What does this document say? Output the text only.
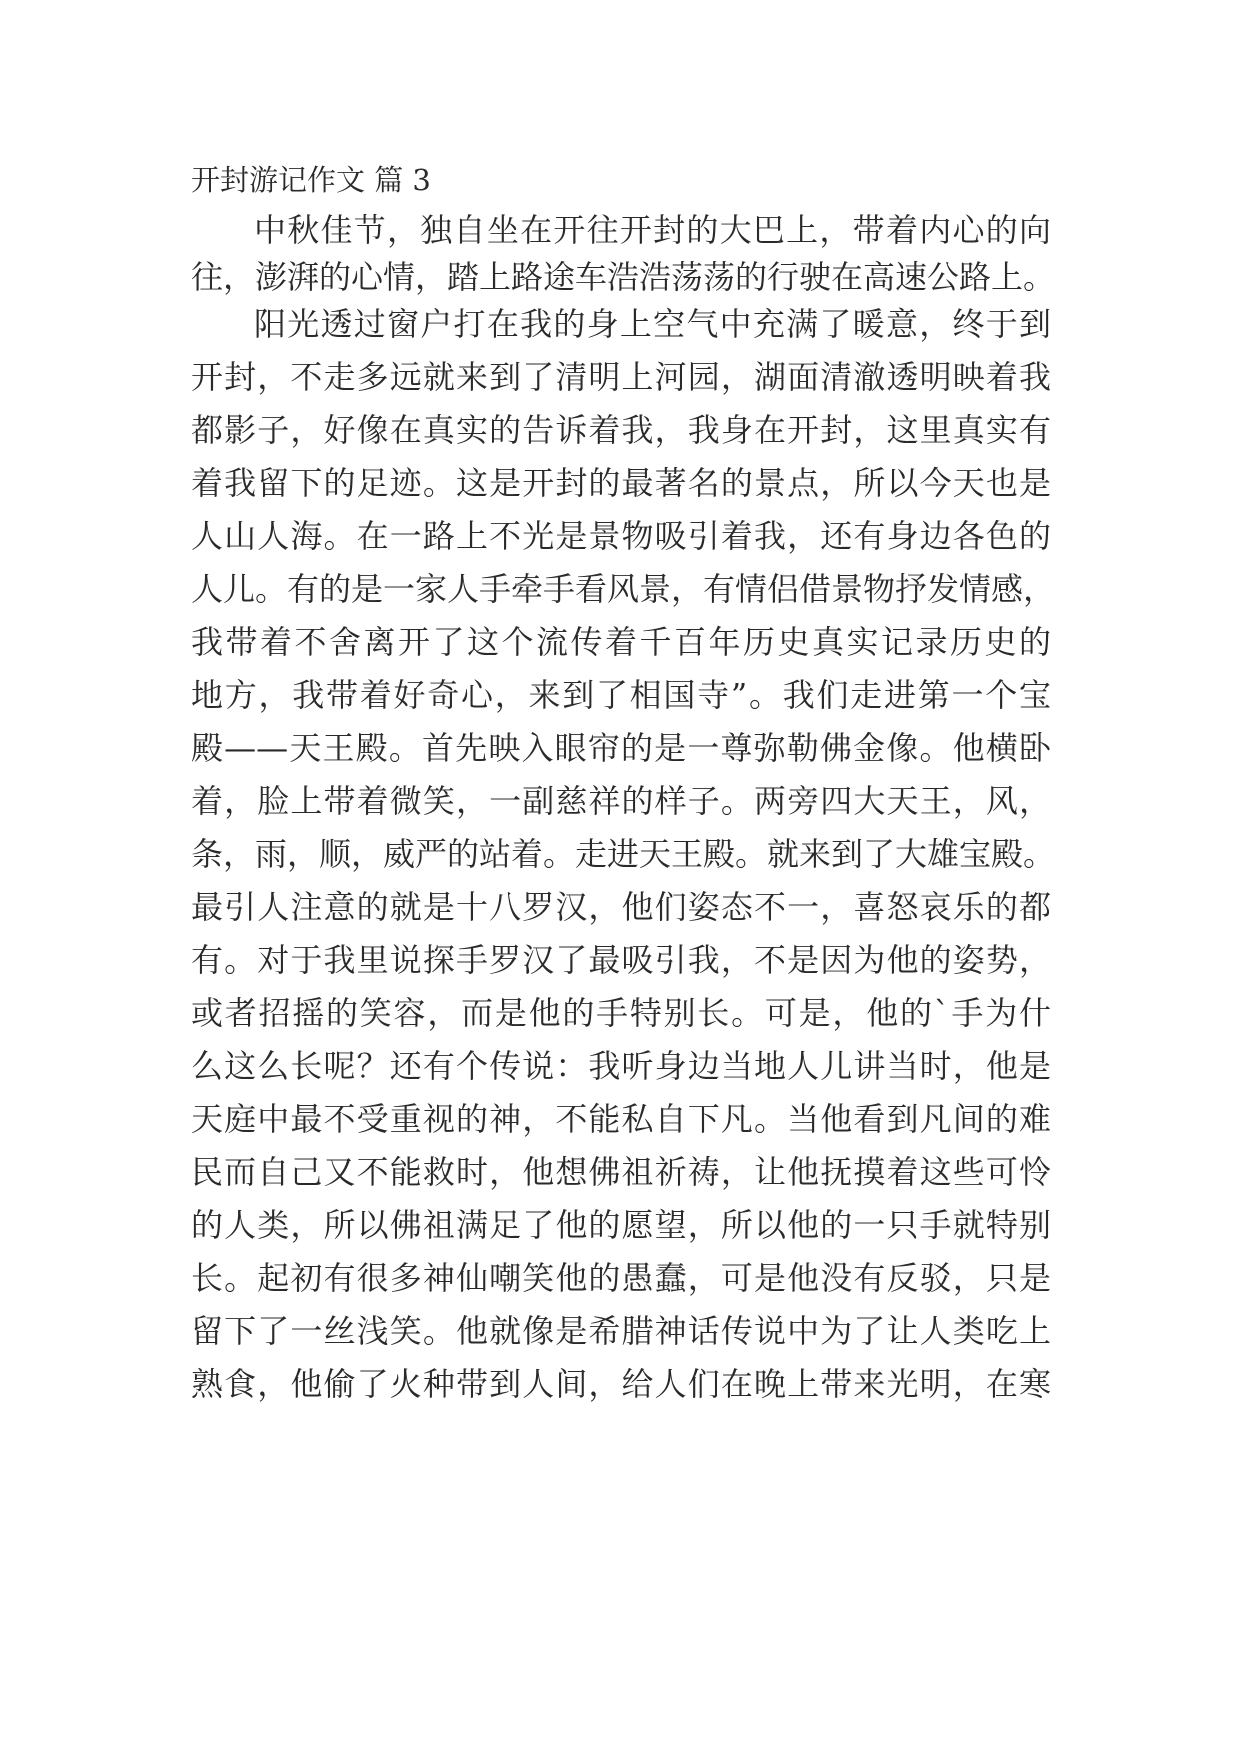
开封游记作文 篇 3
中秋佳节，独自坐在开往开封的大巴上，带着内心的向
往，澎湃的心情，踏上路途车浩浩荡荡的行驶在高速公路上。
阳光透过窗户打在我的身上空气中充满了暖意，终于到
开封，不走多远就来到了清明上河园，湖面清澈透明映着我
都影子，好像在真实的告诉着我，我身在开封，这里真实有
着我留下的足迹。这是开封的最著名的景点，所以今天也是
人山人海。在一路上不光是景物吸引着我，还有身边各色的
人儿。有的是一家人手牵手看风景，有情侣借景物抒发情感，
我带着不舍离开了这个流传着千百年历史真实记录历史的
地方，我带着好奇心，来到了相国寺”。我们走进第一个宝
殿——天王殿。首先映入眼帘的是一尊弥勒佛金像。他横卧
着，脸上带着微笑，一副慈祥的样子。两旁四大天王，风，
条，雨，顺，威严的站着。走进天王殿。就来到了大雄宝殿。
最引人注意的就是十八罗汉，他们姿态不一，喜怒哀乐的都
有。对于我里说探手罗汉了最吸引我，不是因为他的姿势，
或者招摇的笑容，而是他的手特别长。可是，他的`手为什
么这么长呢？还有个传说：我听身边当地人儿讲当时，他是
天庭中最不受重视的神，不能私自下凡。当他看到凡间的难
民而自己又不能救时，他想佛祖祈祷，让他抚摸着这些可怜
的人类，所以佛祖满足了他的愿望，所以他的一只手就特别
长。起初有很多神仙嘲笑他的愚蠢，可是他没有反驳，只是
留下了一丝浅笑。他就像是希腊神话传说中为了让人类吃上
熟食，他偷了火种带到人间，给人们在晚上带来光明，在寒
